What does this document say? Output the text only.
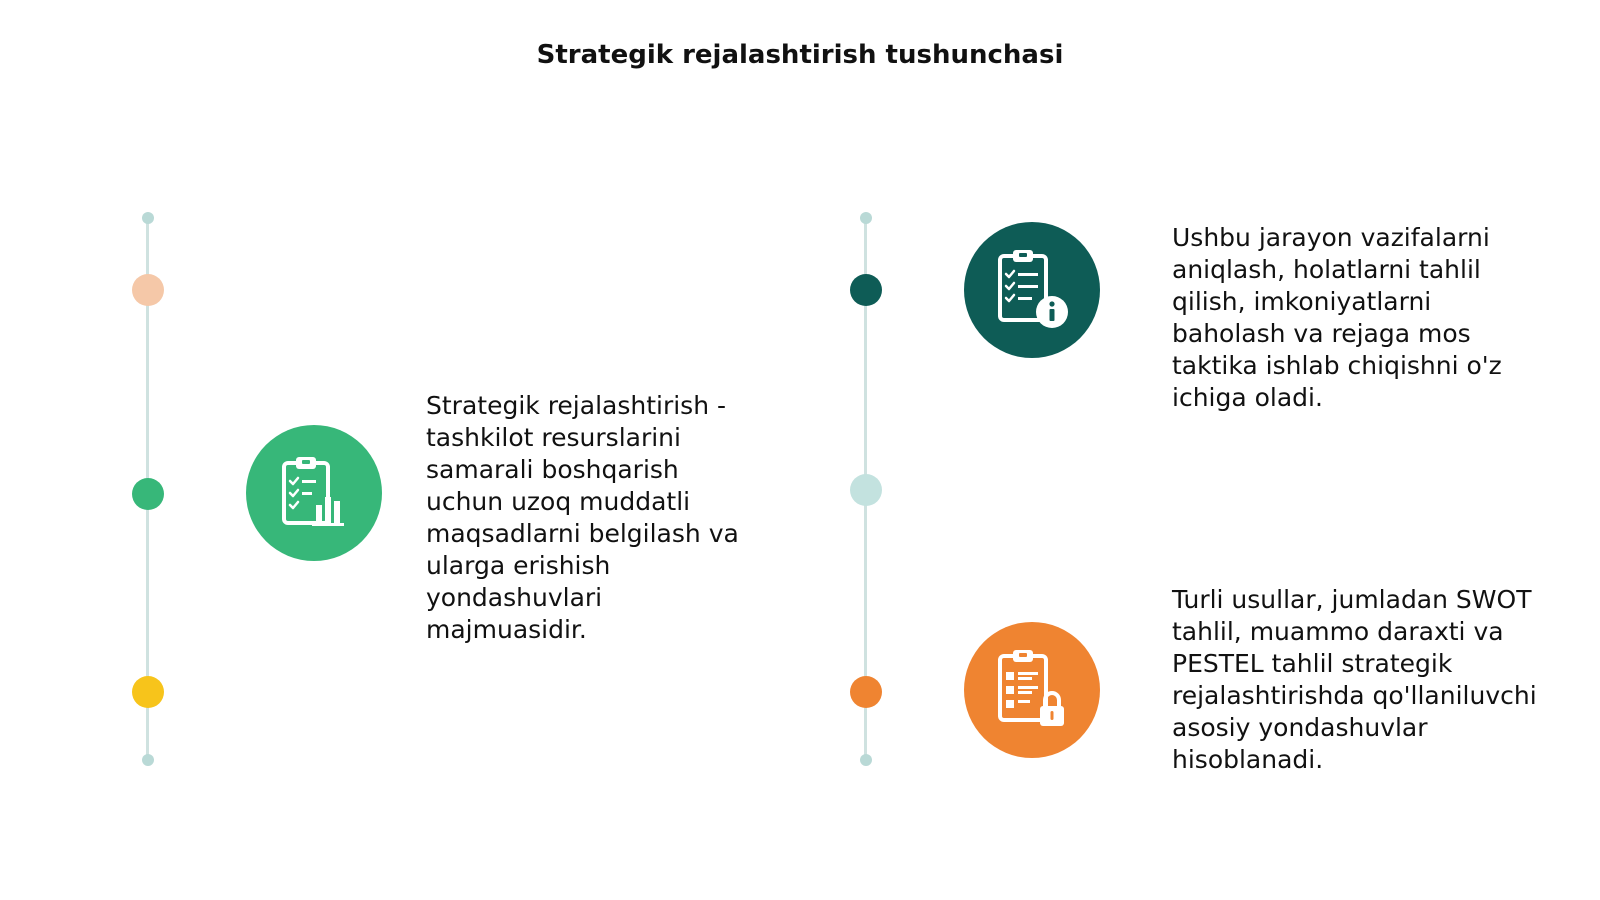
Strategik rejalashtirish tushunchasi

Strategik rejalashtirish - tashkilot resurslarini samarali boshqarish uchun uzoq muddatli maqsadlarni belgilash va ularga erishish yondashuvlari majmuasidir.

Ushbu jarayon vazifalarni aniqlash, holatlarni tahlil qilish, imkoniyatlarni baholash va rejaga mos taktika ishlab chiqishni o'z ichiga oladi.

Turli usullar, jumladan SWOT tahlil, muammo daraxti va PESTEL tahlil strategik rejalashtirishda qo'llaniluvchi asosiy yondashuvlar hisoblanadi.
